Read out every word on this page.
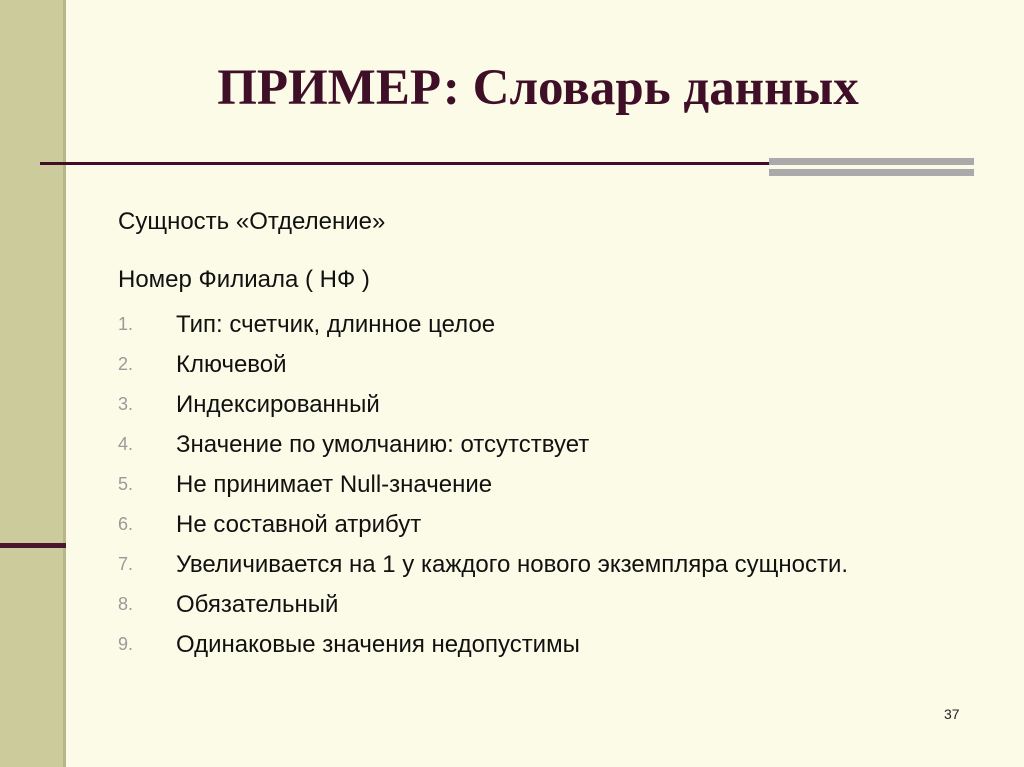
ПРИМЕР: Словарь данных

Сущность «Отделение»

Номер Филиала ( НФ )

1.	Тип: счетчик, длинное целое
2.	Ключевой
3.	Индексированный
4.	Значение по умолчанию: отсутствует
5.	Не принимает Null-значение
6.	Не составной атрибут
7.	Увеличивается на 1 у каждого нового экземпляра сущности.
8.	Обязательный
9.	Одинаковые значения недопустимы
37
